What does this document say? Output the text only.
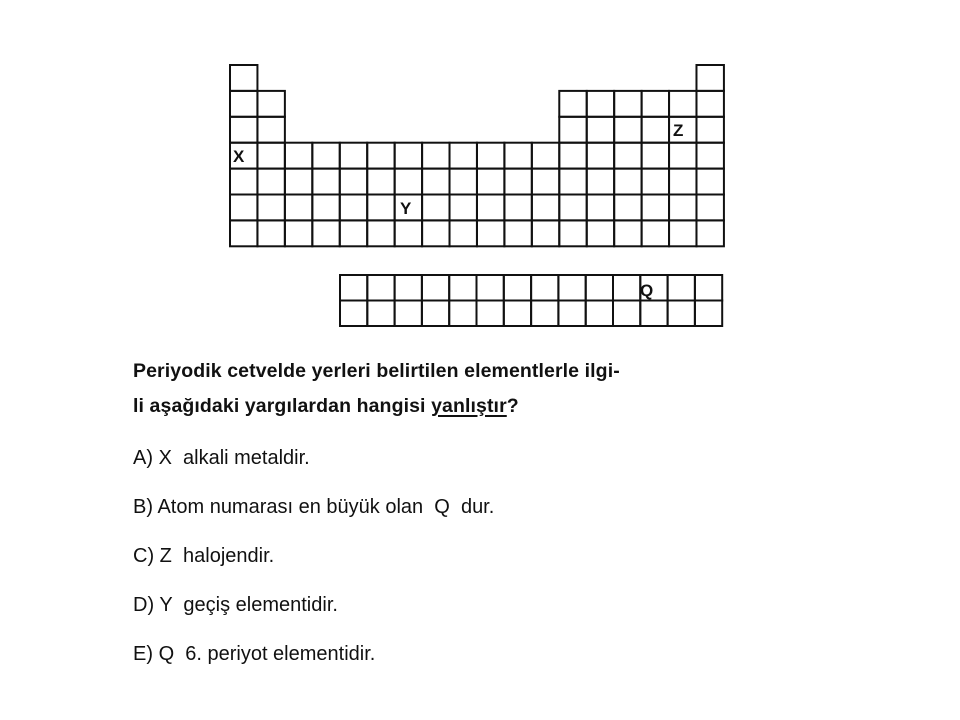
X
Y
Z
Q
Periyodik cetvelde yerleri belirtilen elementlerle ilgi-
li aşağıdaki yargılardan hangisi yanlıştır?
A) X  alkali metaldir.
B) Atom numarası en büyük olan  Q  dur.
C) Z  halojendir.
D) Y  geçiş elementidir.
E) Q  6. periyot elementidir.
